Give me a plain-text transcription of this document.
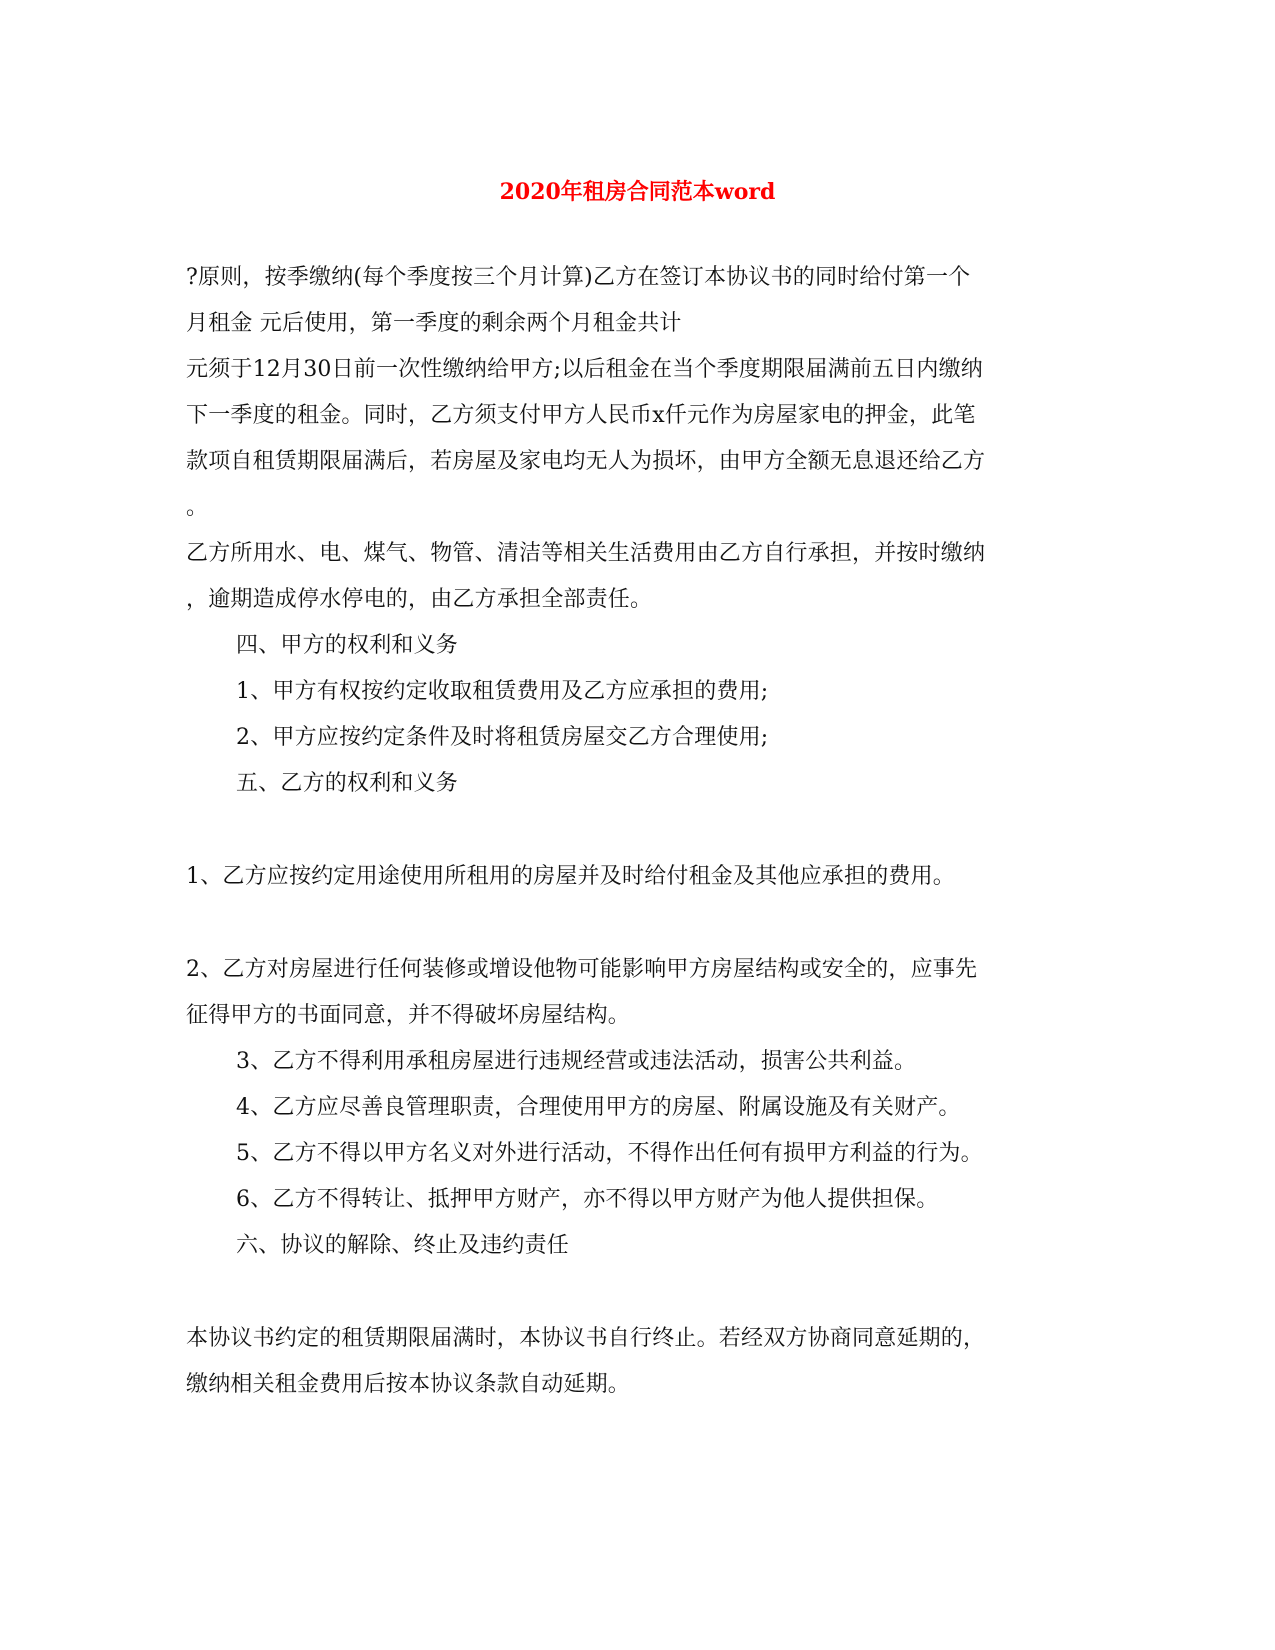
2020年租房合同范本word
?原则，按季缴纳(每个季度按三个月计算)乙方在签订本协议书的同时给付第一个
月租金 元后使用，第一季度的剩余两个月租金共计
元须于12月30日前一次性缴纳给甲方;以后租金在当个季度期限届满前五日内缴纳
下一季度的租金。同时，乙方须支付甲方人民币x仟元作为房屋家电的押金，此笔
款项自租赁期限届满后，若房屋及家电均无人为损坏，由甲方全额无息退还给乙方
。
乙方所用水、电、煤气、物管、清洁等相关生活费用由乙方自行承担，并按时缴纳
，逾期造成停水停电的，由乙方承担全部责任。
四、甲方的权利和义务
1、甲方有权按约定收取租赁费用及乙方应承担的费用;
2、甲方应按约定条件及时将租赁房屋交乙方合理使用;
五、乙方的权利和义务
1、乙方应按约定用途使用所租用的房屋并及时给付租金及其他应承担的费用。
2、乙方对房屋进行任何装修或增设他物可能影响甲方房屋结构或安全的，应事先
征得甲方的书面同意，并不得破坏房屋结构。
3、乙方不得利用承租房屋进行违规经营或违法活动，损害公共利益。
4、乙方应尽善良管理职责，合理使用甲方的房屋、附属设施及有关财产。
5、乙方不得以甲方名义对外进行活动，不得作出任何有损甲方利益的行为。
6、乙方不得转让、抵押甲方财产，亦不得以甲方财产为他人提供担保。
六、协议的解除、终止及违约责任
本协议书约定的租赁期限届满时，本协议书自行终止。若经双方协商同意延期的，
缴纳相关租金费用后按本协议条款自动延期。
